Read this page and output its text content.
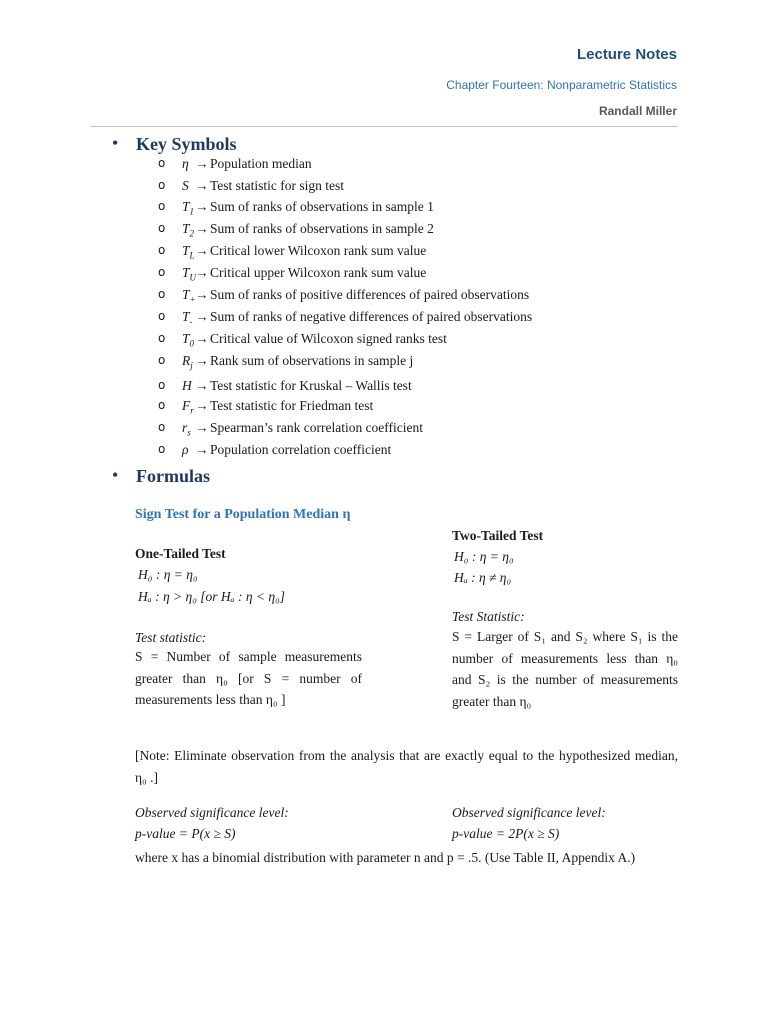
Lecture Notes
Chapter Fourteen: Nonparametric Statistics
Randall Miller
• Key Symbols
o η → Population median
o S → Test statistic for sign test
o $T_1$ → Sum of ranks of observations in sample 1
o $T_2$ → Sum of ranks of observations in sample 2
o $T_L$ → Critical lower Wilcoxon rank sum value
o $T_U$
→ Critical upper Wilcoxon rank sum value
o $T_+$ → Sum of ranks of positive differences of paired observations
o $T_-$ → Sum of ranks of negative differences of paired observations
o $T_0$ → Critical value of Wilcoxon signed ranks test
o $R_j$ → Rank sum of observations in sample j
o H → Test statistic for Kruskal – Wallis test
o $F_r$ → Test statistic for Friedman test
o $r_s$ → Spearman’s rank correlation coefficient
o ρ → Population correlation coefficient
• Formulas
Sign Test for a Population Median η
One-Tailed Test
H₀ : η = η₀
Hₐ : η > η₀ [or Hₐ : η < η₀]
Test statistic:
S = Number of sample measurements
greater than η₀ [or S = number of
measurements less than η₀ ]
Two-Tailed Test
H₀ : η = η₀
Hₐ : η ≠ η₀
Test Statistic:
S = Larger of S₁ and S₂ where S₁ is the
number of measurements less than η₀
and S₂ is the number of measurements
greater than η₀
[Note: Eliminate observation from the analysis that are exactly equal to the hypothesized median,
η₀ .]
Observed significance level:
p-value = P(x ≥ S)
Observed significance level:
p-value = 2P(x ≥ S)
where x has a binomial distribution with parameter n and p = .5. (Use Table II, Appendix A.)
